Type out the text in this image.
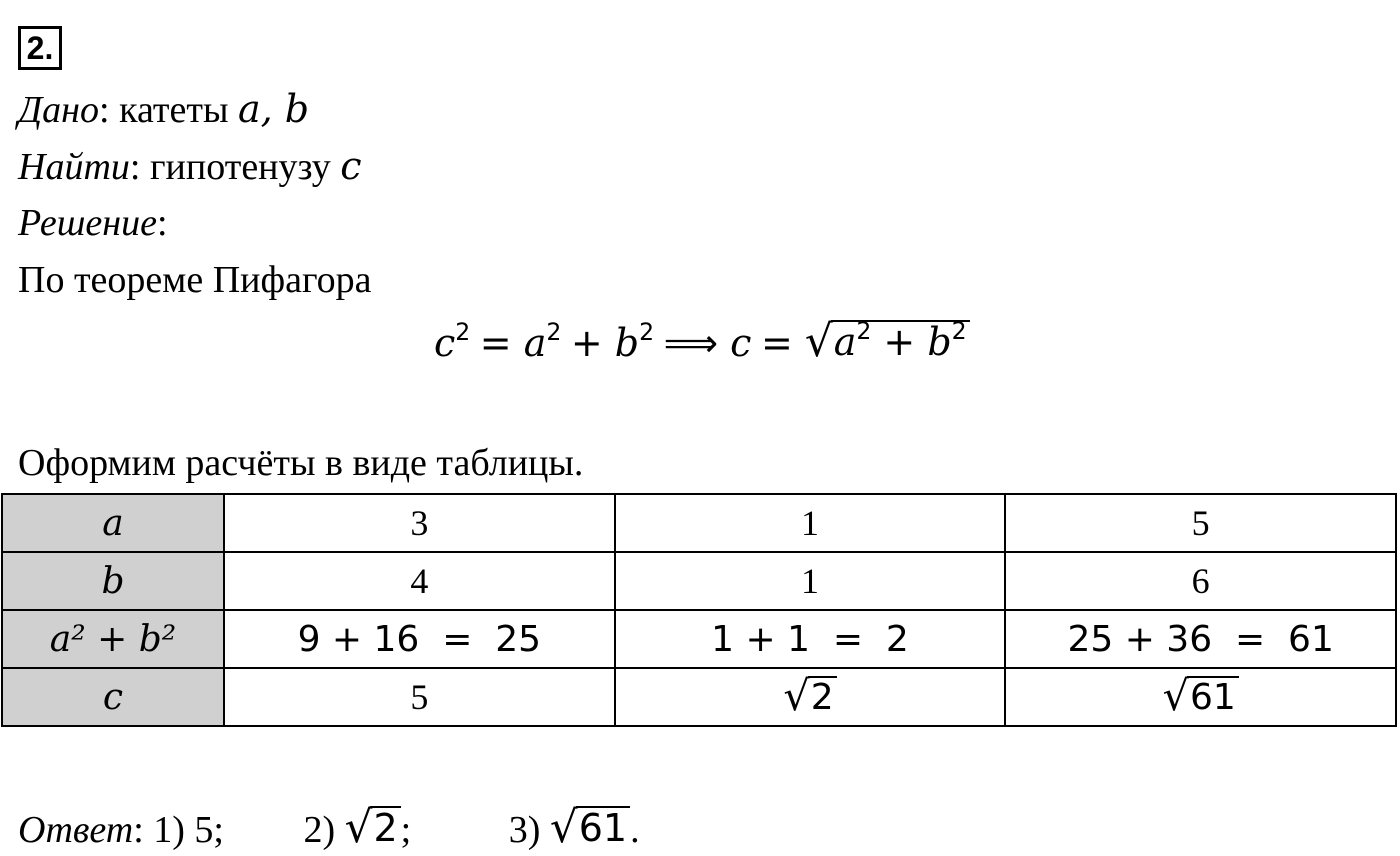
2.
Дано: катеты a, b
Найти: гипотенузу c
Решение:
По теореме Пифагора
$c^2 = a^2 + b^2$ ⟹ c = √ $a^2 + b^2$
Оформим расчёты в виде таблицы.
a	3	1	5
b	4	1	6
a² + b²	9 + 16  =  25	1 + 1  =  2	25 + 36  =  61
c	5	√ 2	√ 61
Ответ: 1) 5; 2) √ 2 ;	3) √ 61 .
